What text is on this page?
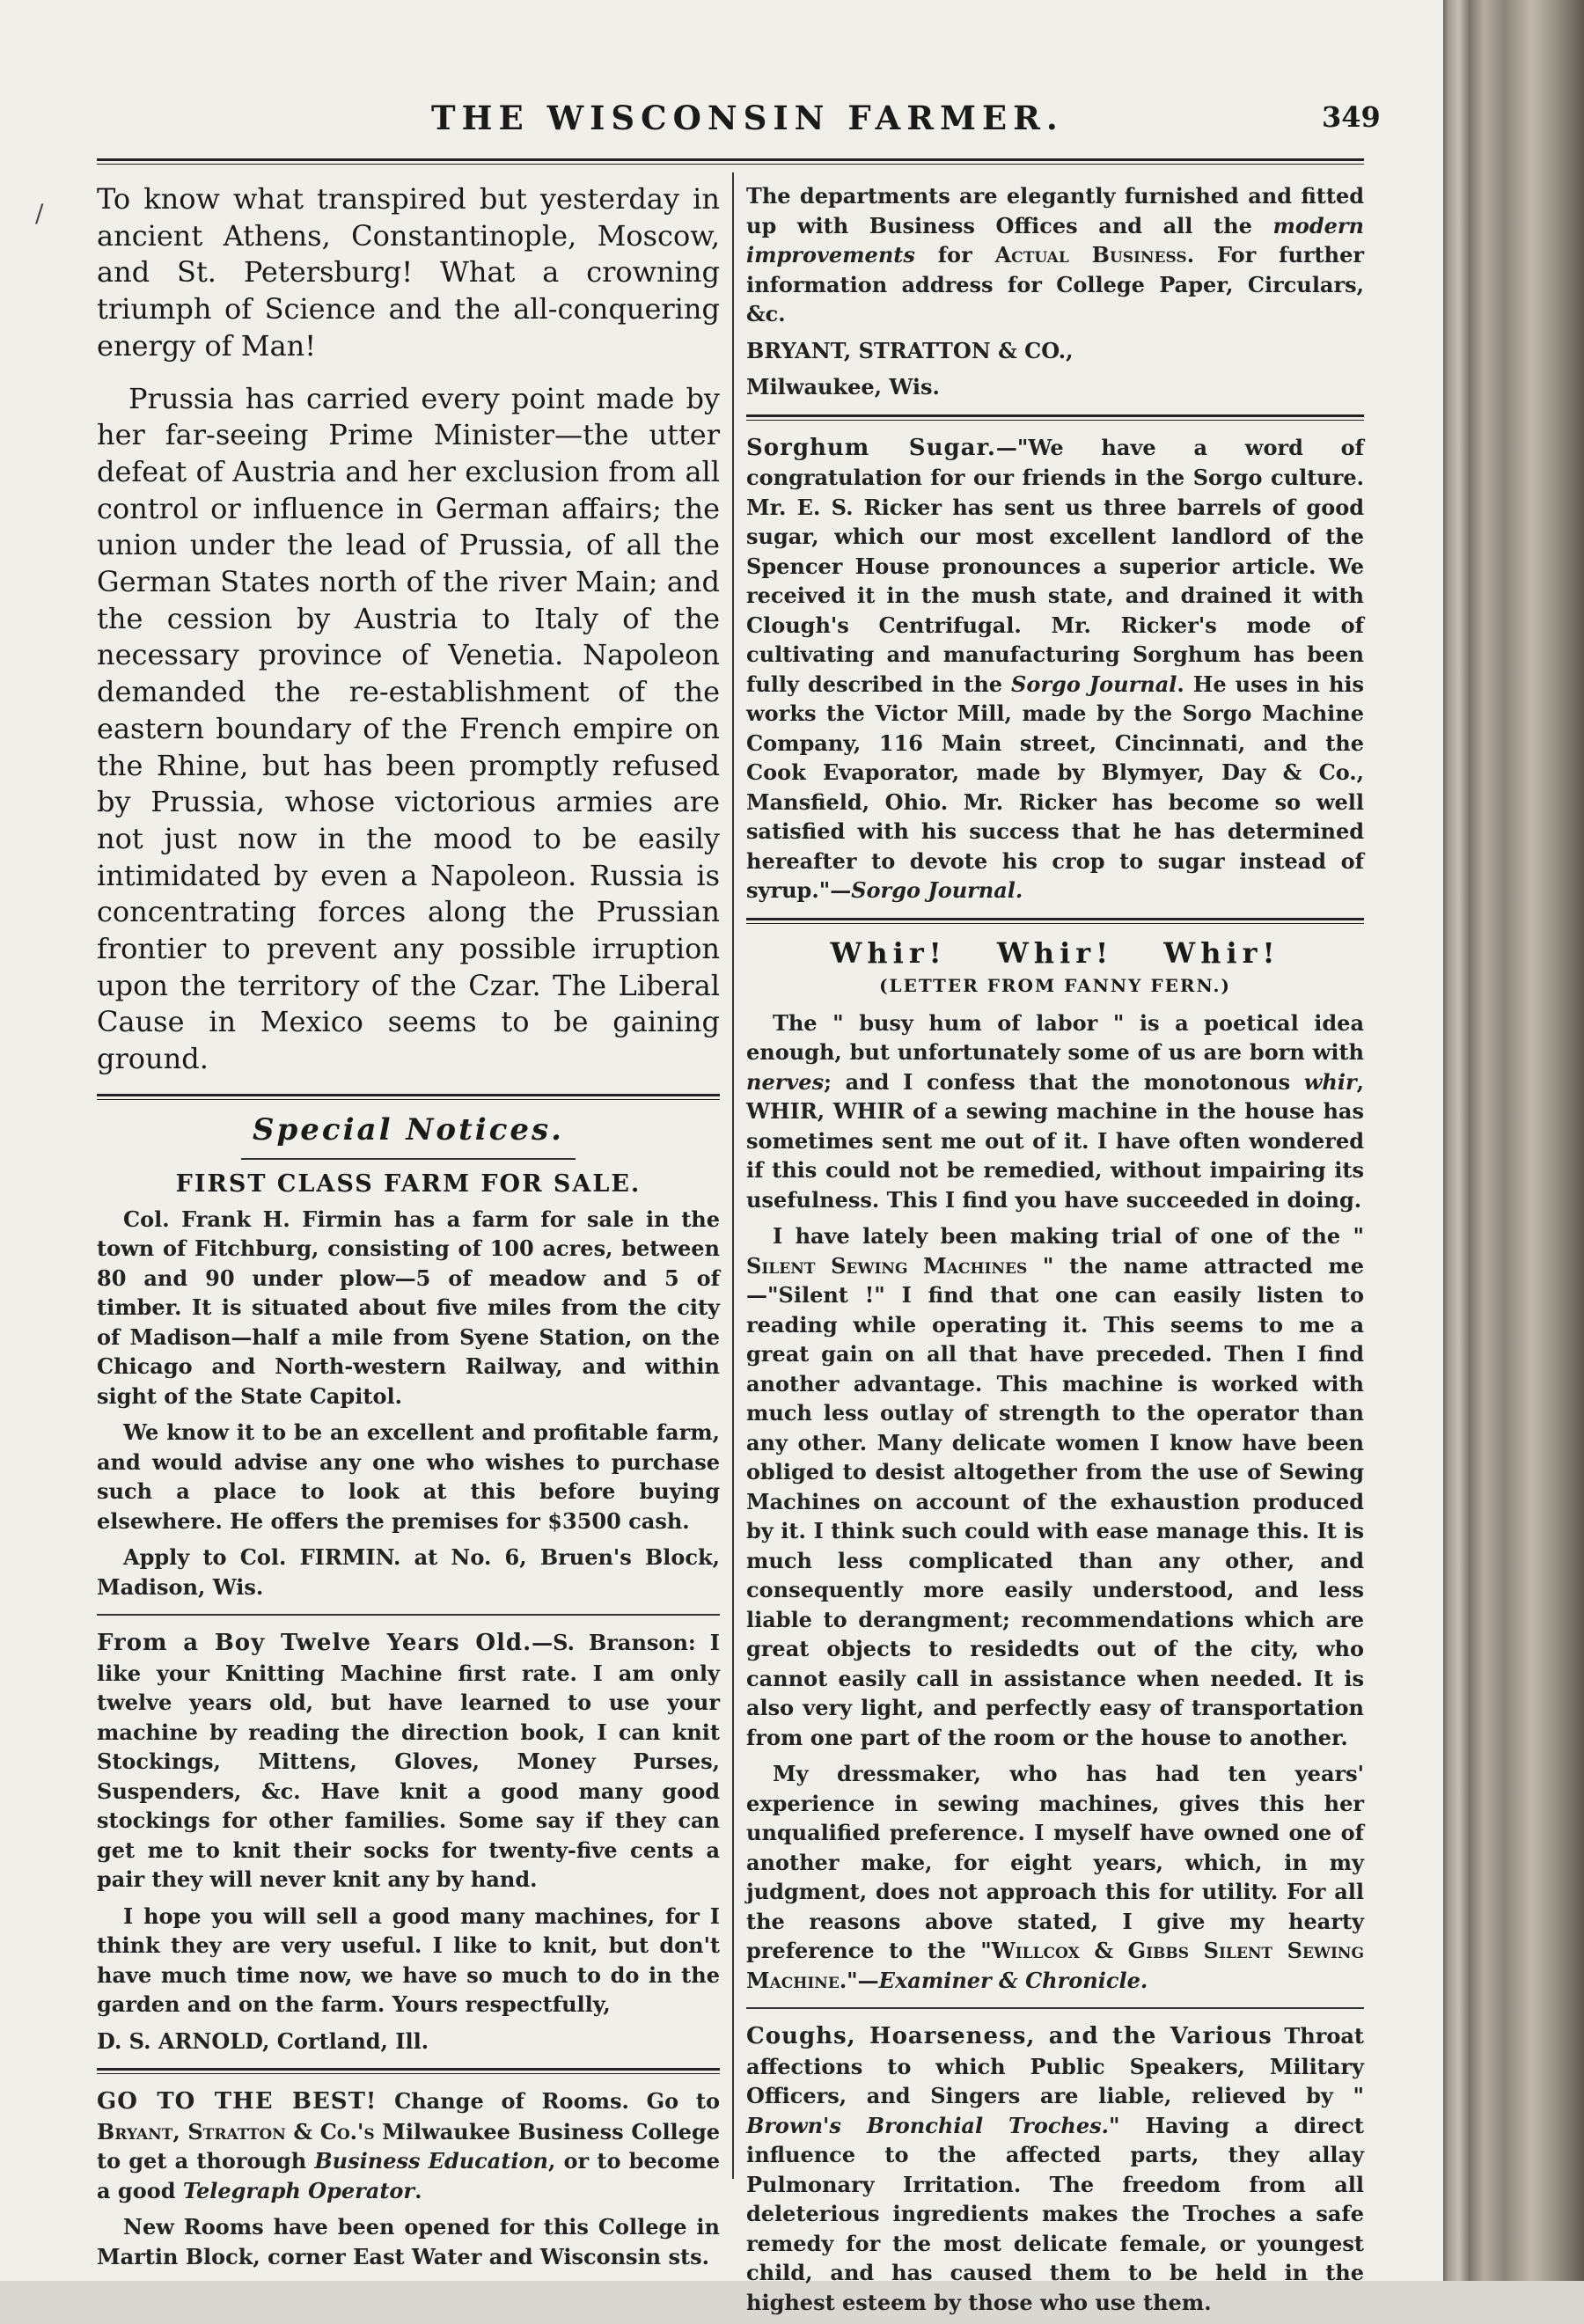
THE WISCONSIN FARMER.	349
/ To know what transpired but yesterday in ancient Athens, Constantinople, Moscow, and St. Petersburg! What a crowning triumph of Science and the all-conquering energy of Man!

Prussia has carried every point made by her far-seeing Prime Minister—the utter defeat of Austria and her exclusion from all control or influence in German affairs; the union under the lead of Prussia, of all the German States north of the river Main; and the cession by Austria to Italy of the necessary province of Venetia. Napoleon demanded the re-establishment of the eastern boundary of the French empire on the Rhine, but has been promptly refused by Prussia, whose victorious armies are not just now in the mood to be easily intimidated by even a Napoleon. Russia is concentrating forces along the Prussian frontier to prevent any possible irruption upon the territory of the Czar. The Liberal Cause in Mexico seems to be gaining ground.

Special Notices.
FIRST CLASS FARM FOR SALE.

Col. Frank H. Firmin has a farm for sale in the town of Fitchburg, consisting of 100 acres, between 80 and 90 under plow—5 of meadow and 5 of timber. It is situated about five miles from the city of Madison—half a mile from Syene Station, on the Chicago and North-western Railway, and within sight of the State Capitol.

We know it to be an excellent and profitable farm, and would advise any one who wishes to purchase such a place to look at this before buying elsewhere. He offers the premises for $3500 cash.

Apply to Col. FIRMIN. at No. 6, Bruen's Block, Madison, Wis.

From a Boy Twelve Years Old.—S. Branson: I like your Knitting Machine first rate. I am only twelve years old, but have learned to use your machine by reading the direction book, I can knit Stockings, Mittens, Gloves, Money Purses, Suspenders, &c. Have knit a good many good stockings for other families. Some say if they can get me to knit their socks for twenty-five cents a pair they will never knit any by hand.

I hope you will sell a good many machines, for I think they are very useful. I like to knit, but don't have much time now, we have so much to do in the garden and on the farm. Yours respectfully,

D. S. ARNOLD, Cortland, Ill.

GO TO THE BEST! Change of Rooms. Go to Bryant, Stratton & Co.'s Milwaukee Business College to get a thorough Business Education, or to become a good Telegraph Operator.

New Rooms have been opened for this College in Martin Block, corner East Water and Wisconsin sts.

The departments are elegantly furnished and fitted up with Business Offices and all the modern improvements for Actual Business. For further information address for College Paper, Circulars, &c.

BRYANT, STRATTON & CO.,

Milwaukee, Wis.

Sorghum Sugar.—"We have a word of congratulation for our friends in the Sorgo culture. Mr. E. S. Ricker has sent us three barrels of good sugar, which our most excellent landlord of the Spencer House pronounces a superior article. We received it in the mush state, and drained it with Clough's Centrifugal. Mr. Ricker's mode of cultivating and manufacturing Sorghum has been fully described in the Sorgo Journal. He uses in his works the Victor Mill, made by the Sorgo Machine Company, 116 Main street, Cincinnati, and the Cook Evaporator, made by Blymyer, Day & Co., Mansfield, Ohio. Mr. Ricker has become so well satisfied with his success that he has determined hereafter to devote his crop to sugar instead of syrup."—Sorgo Journal.

Whir! Whir! Whir!
(LETTER FROM FANNY FERN.)

The " busy hum of labor " is a poetical idea enough, but unfortunately some of us are born with nerves; and I confess that the monotonous whir, WHIR, WHIR of a sewing machine in the house has sometimes sent me out of it. I have often wondered if this could not be remedied, without impairing its usefulness. This I find you have succeeded in doing.

I have lately been making trial of one of the " Silent Sewing Machines " the name attracted me—"Silent !" I find that one can easily listen to reading while operating it. This seems to me a great gain on all that have preceded. Then I find another advantage. This machine is worked with much less outlay of strength to the operator than any other. Many delicate women I know have been obliged to desist altogether from the use of Sewing Machines on account of the exhaustion produced by it. I think such could with ease manage this. It is much less complicated than any other, and consequently more easily understood, and less liable to derangment; recommendations which are great objects to residedts out of the city, who cannot easily call in assistance when needed. It is also very light, and perfectly easy of transportation from one part of the room or the house to another.

My dressmaker, who has had ten years' experience in sewing machines, gives this her unqualified preference. I myself have owned one of another make, for eight years, which, in my judgment, does not approach this for utility. For all the reasons above stated, I give my hearty preference to the "Willcox & Gibbs Silent Sewing Machine."—Examiner & Chronicle.

Coughs, Hoarseness, and the Various Throat affections to which Public Speakers, Military Officers, and Singers are liable, relieved by " Brown's Bronchial Troches." Having a direct influence to the affected parts, they allay Pulmonary Irritation. The freedom from all deleterious ingredients makes the Troches a safe remedy for the most delicate female, or youngest child, and has caused them to be held in the highest esteem by those who use them.
